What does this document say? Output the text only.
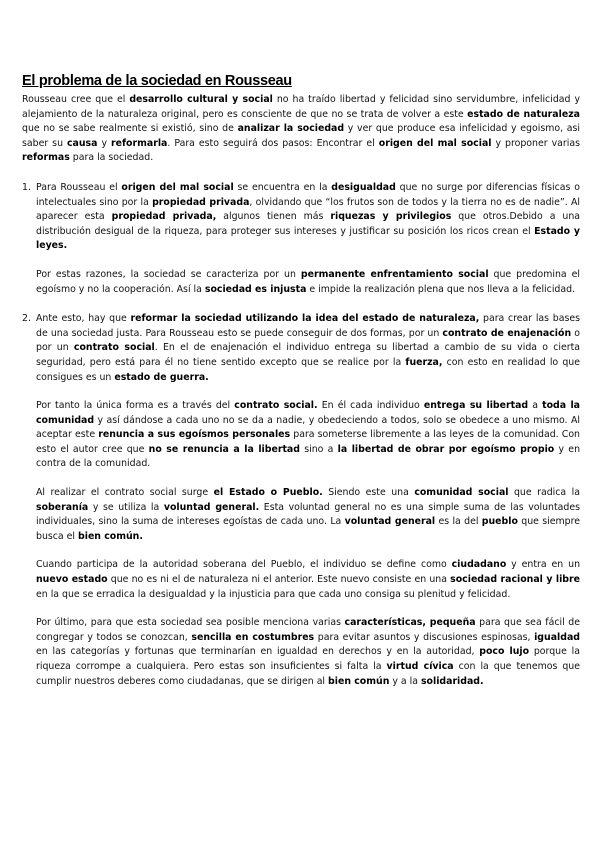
El problema de la sociedad en Rousseau

Rousseau cree que el desarrollo cultural y social no ha traído libertad y felicidad sino servidumbre, infelicidad y alejamiento de la naturaleza original, pero es consciente de que no se trata de volver a este estado de naturaleza que no se sabe realmente si existió, sino de analizar la sociedad y ver que produce esa infelicidad y egoismo, asi saber su causa y reformarla. Para esto seguirá dos pasos: Encontrar el origen del mal social y proponer varias reformas para la sociedad.

1. Para Rousseau el origen del mal social se encuentra en la desigualdad que no surge por diferencias físicas o intelectuales sino por la propiedad privada, olvidando que “los frutos son de todos y la tierra no es de nadie”. Al aparecer esta propiedad privada, algunos tienen más riquezas y privilegios que otros.Debido a una distribución desigual de la riqueza, para proteger sus intereses y justificar su posición los ricos crean el Estado y leyes.

Por estas razones, la sociedad se caracteriza por un permanente enfrentamiento social que predomina el egoísmo y no la cooperación. Así la sociedad es injusta e impide la realización plena que nos lleva a la felicidad.

2. Ante esto, hay que reformar la sociedad utilizando la idea del estado de naturaleza, para crear las bases de una sociedad justa. Para Rousseau esto se puede conseguir de dos formas, por un contrato de enajenación o por un contrato social. En el de enajenación el individuo entrega su libertad a cambio de su vida o cierta seguridad, pero está para él no tiene sentido excepto que se realice por la fuerza, con esto en realidad lo que consigues es un estado de guerra.

Por tanto la única forma es a través del contrato social. En él cada individuo entrega su libertad a toda la comunidad y así dándose a cada uno no se da a nadie, y obedeciendo a todos, solo se obedece a uno mismo. Al aceptar este renuncia a sus egoísmos personales para someterse libremente a las leyes de la comunidad. Con esto el autor cree que no se renuncia a la libertad sino a la libertad de obrar por egoísmo propio y en contra de la comunidad.

Al realizar el contrato social surge el Estado o Pueblo. Siendo este una comunidad social que radica la soberanía y se utiliza la voluntad general. Esta voluntad general no es una simple suma de las voluntades individuales, sino la suma de intereses egoístas de cada uno. La voluntad general es la del pueblo que siempre busca el bien común.

Cuando participa de la autoridad soberana del Pueblo, el individuo se define como ciudadano y entra en un nuevo estado que no es ni el de naturaleza ni el anterior. Este nuevo consiste en una sociedad racional y libre en la que se erradica la desigualdad y la injusticia para que cada uno consiga su plenitud y felicidad.

Por último, para que esta sociedad sea posible menciona varias características, pequeña para que sea fácil de congregar y todos se conozcan, sencilla en costumbres para evitar asuntos y discusiones espinosas, igualdad en las categorías y fortunas que terminarían en igualdad en derechos y en la autoridad, poco lujo porque la riqueza corrompe a cualquiera. Pero estas son insuficientes si falta la virtud cívica con la que tenemos que cumplir nuestros deberes como ciudadanas, que se dirigen al bien común y a la solidaridad.
